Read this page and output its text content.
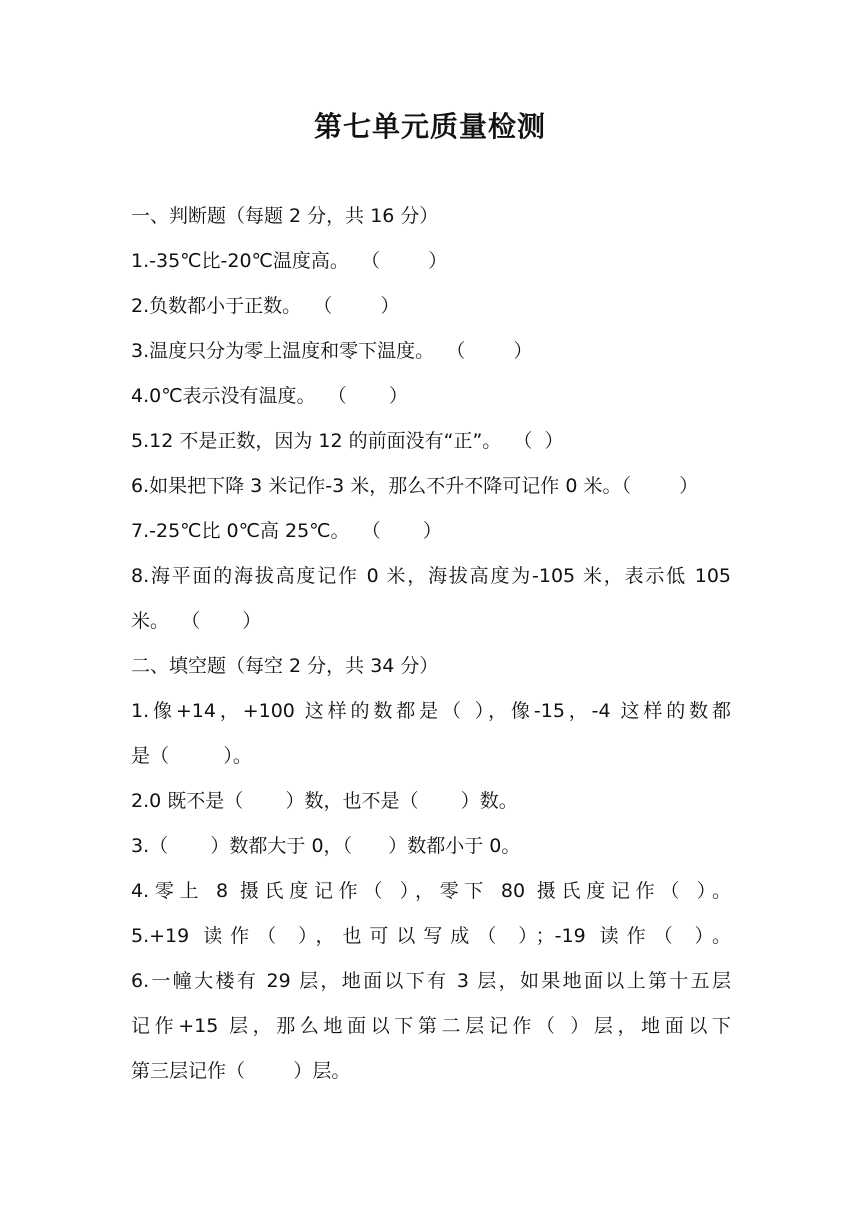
第七单元质量检测
一、判断题（每题 2 分，共 16 分）
1.-35℃比-20℃温度高。  （        ）
2.负数都小于正数。  （        ）
3.温度只分为零上温度和零下温度。  （        ）
4.0℃表示没有温度。  （       ）
5.12 不是正数，因为 12 的前面没有“正”。  （  ）
6.如果把下降 3 米记作-3 米，那么不升不降可记作 0 米。（        ）
7.-25℃比 0℃高 25℃。  （       ）
8.海平面的海拔高度记作 0 米，海拔高度为-105 米，表示低 105
米。  （       ）
二、填空题（每空 2 分，共 34 分）
1.像+14，+100 这样的数都是（ ），像-15，-4 这样的数都
是（         ）。
2.0 既不是（       ）数，也不是（       ）数。
3.（       ）数都大于 0，（      ）数都小于 0。
4.零上 8 摄氏度记作（ ），零下 80 摄氏度记作（ ）。
5.+19 读作（ ），也可以写成（ ）；-19 读作（ ）。
6.一幢大楼有 29 层，地面以下有 3 层，如果地面以上第十五层
记作+15 层，那么地面以下第二层记作（ ）层，地面以下
第三层记作（        ）层。
